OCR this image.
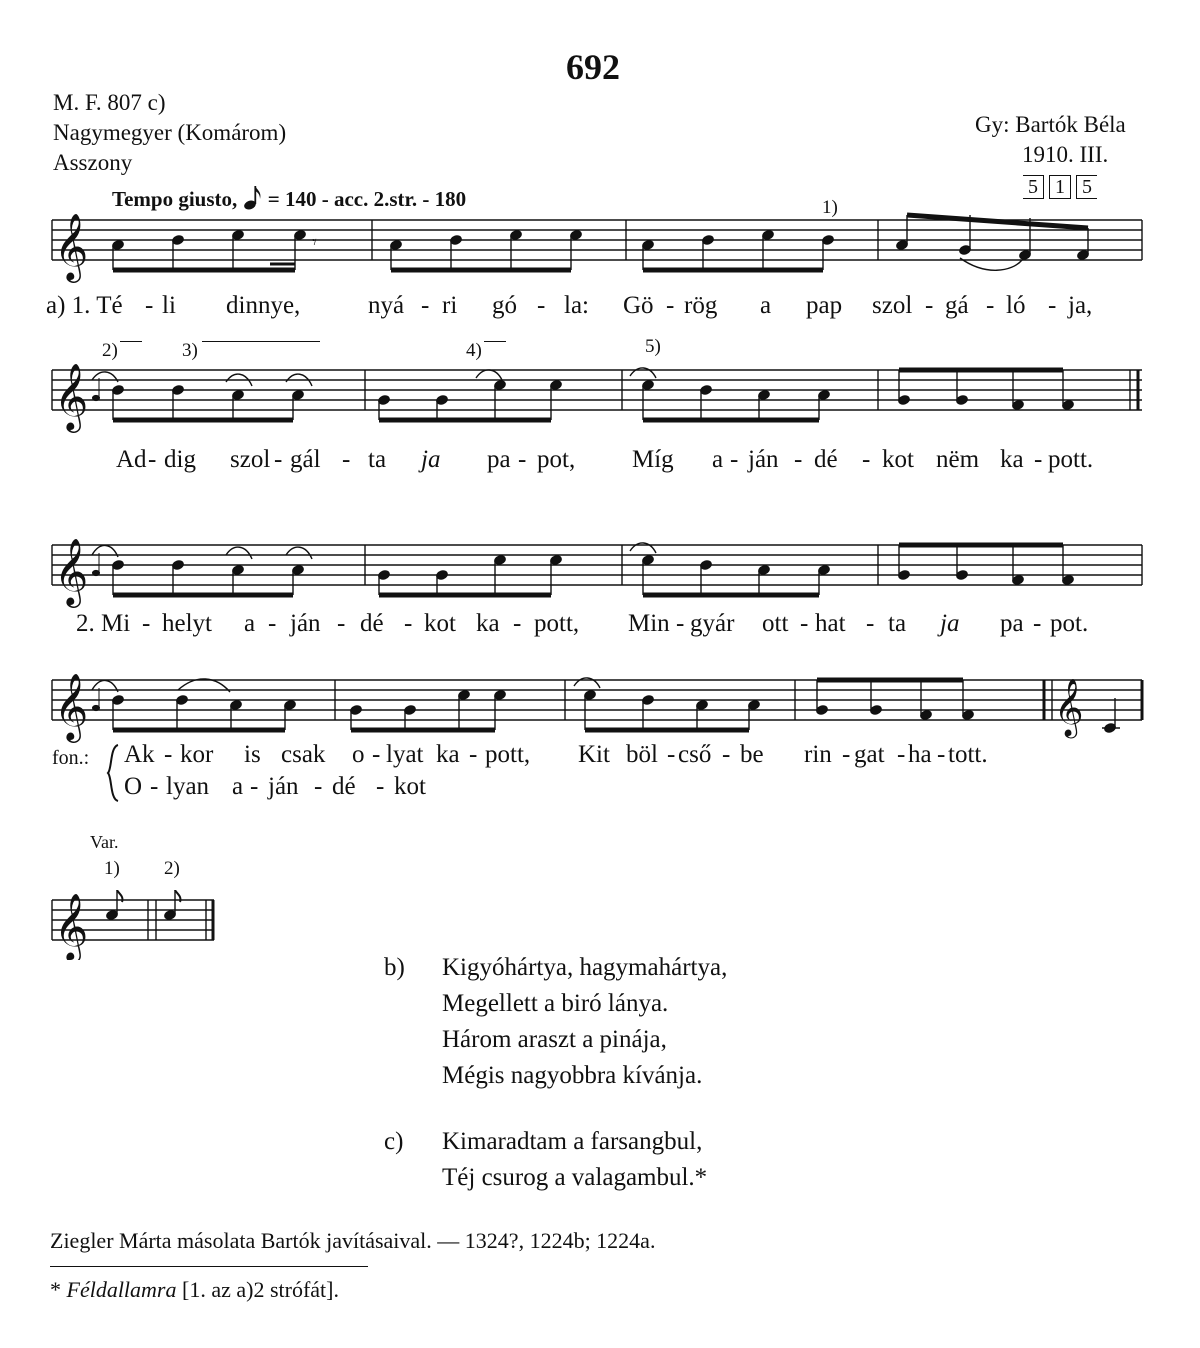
692
M. F. 807 c)
Nagymegyer (Komárom)
Asszony
Gy: Bartók Béla
1910. III.
5 1 5
Tempo giusto, = 140 - acc. 2.str. - 180
𝄞	𝄾
1)
a) 1. Té - li dinnye,	nyá - ri gó - la: Gö - rög a pap szol - gá - ló - ja,
2)	3)	4)	5)
𝄞
Ad - dig szol - gál - ta ja pa - pot, Míg a - ján - dé - kot nëm ka - pott.
𝄞
2. Mi - helyt a - ján - dé - kot ka - pott, Min - gyár ott - hat - ta ja pa - pot.
𝄞	𝄞
fon.: Ak - kor is csak o - lyat ka - pott, Kit böl - cső - be rin - gat - ha - tott.
O - lyan a - ján - dé - kot
Var.
1) 2)
𝄞
b) Kigyóhártya, hagymahártya,
Megellett a biró lánya.
Három araszt a pinája,
Mégis nagyobbra kívánja.
c) Kimaradtam a farsangbul,
Téj csurog a valagambul.*
Ziegler Márta másolata Bartók javításaival. — 1324?, 1224b; 1224a.
* Féldallamra [1. az a)2 strófát].
